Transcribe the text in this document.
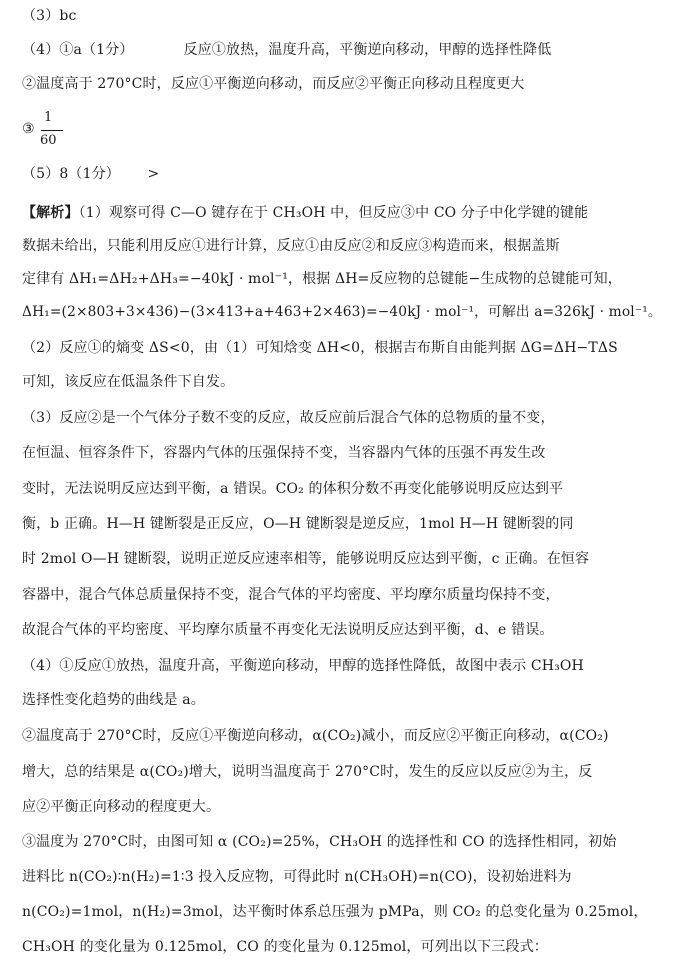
（3）bc
（4）①a（1分）	反应①放热，温度升高，平衡逆向移动，甲醇的选择性降低
②温度高于 270°C时，反应①平衡逆向移动，而反应②平衡正向移动且程度更大
③
1
60
（5）8（1分）      >
【解析】（1）观察可得 C—O 键存在于 CH₃OH 中，但反应③中 CO 分子中化学键的键能
数据未给出，只能利用反应①进行计算，反应①由反应②和反应③构造而来，根据盖斯
定律有 ΔH₁=ΔH₂+ΔH₃=−40kJ · mol⁻¹，根据 ΔH=反应物的总键能−生成物的总键能可知，
ΔH₁=(2×803+3×436)−(3×413+a+463+2×463)=−40kJ · mol⁻¹，可解出 a=326kJ · mol⁻¹。
（2）反应①的熵变 ΔS<0，由（1）可知焓变 ΔH<0，根据吉布斯自由能判据 ΔG=ΔH−TΔS
可知，该反应在低温条件下自发。
（3）反应②是一个气体分子数不变的反应，故反应前后混合气体的总物质的量不变，
在恒温、恒容条件下，容器内气体的压强保持不变，当容器内气体的压强不再发生改
变时，无法说明反应达到平衡，a 错误。CO₂ 的体积分数不再变化能够说明反应达到平
衡，b 正确。H—H 键断裂是正反应，O—H 键断裂是逆反应，1mol H—H 键断裂的同
时 2mol O—H 键断裂，说明正逆反应速率相等，能够说明反应达到平衡，c 正确。在恒容
容器中，混合气体总质量保持不变，混合气体的平均密度、平均摩尔质量均保持不变，
故混合气体的平均密度、平均摩尔质量不再变化无法说明反应达到平衡，d、e 错误。
（4）①反应①放热，温度升高，平衡逆向移动，甲醇的选择性降低，故图中表示 CH₃OH
选择性变化趋势的曲线是 a。
②温度高于 270°C时，反应①平衡逆向移动，α(CO₂)减小，而反应②平衡正向移动，α(CO₂)
增大，总的结果是 α(CO₂)增大，说明当温度高于 270°C时，发生的反应以反应②为主，反
应②平衡正向移动的程度更大。
③温度为 270°C时，由图可知 α (CO₂)=25%，CH₃OH 的选择性和 CO 的选择性相同，初始
进料比 n(CO₂)∶n(H₂)=1∶3 投入反应物，可得此时 n(CH₃OH)=n(CO)，设初始进料为
n(CO₂)=1mol，n(H₂)=3mol，达平衡时体系总压强为 pMPa，则 CO₂ 的总变化量为 0.25mol，
CH₃OH 的变化量为 0.125mol，CO 的变化量为 0.125mol，可列出以下三段式：
